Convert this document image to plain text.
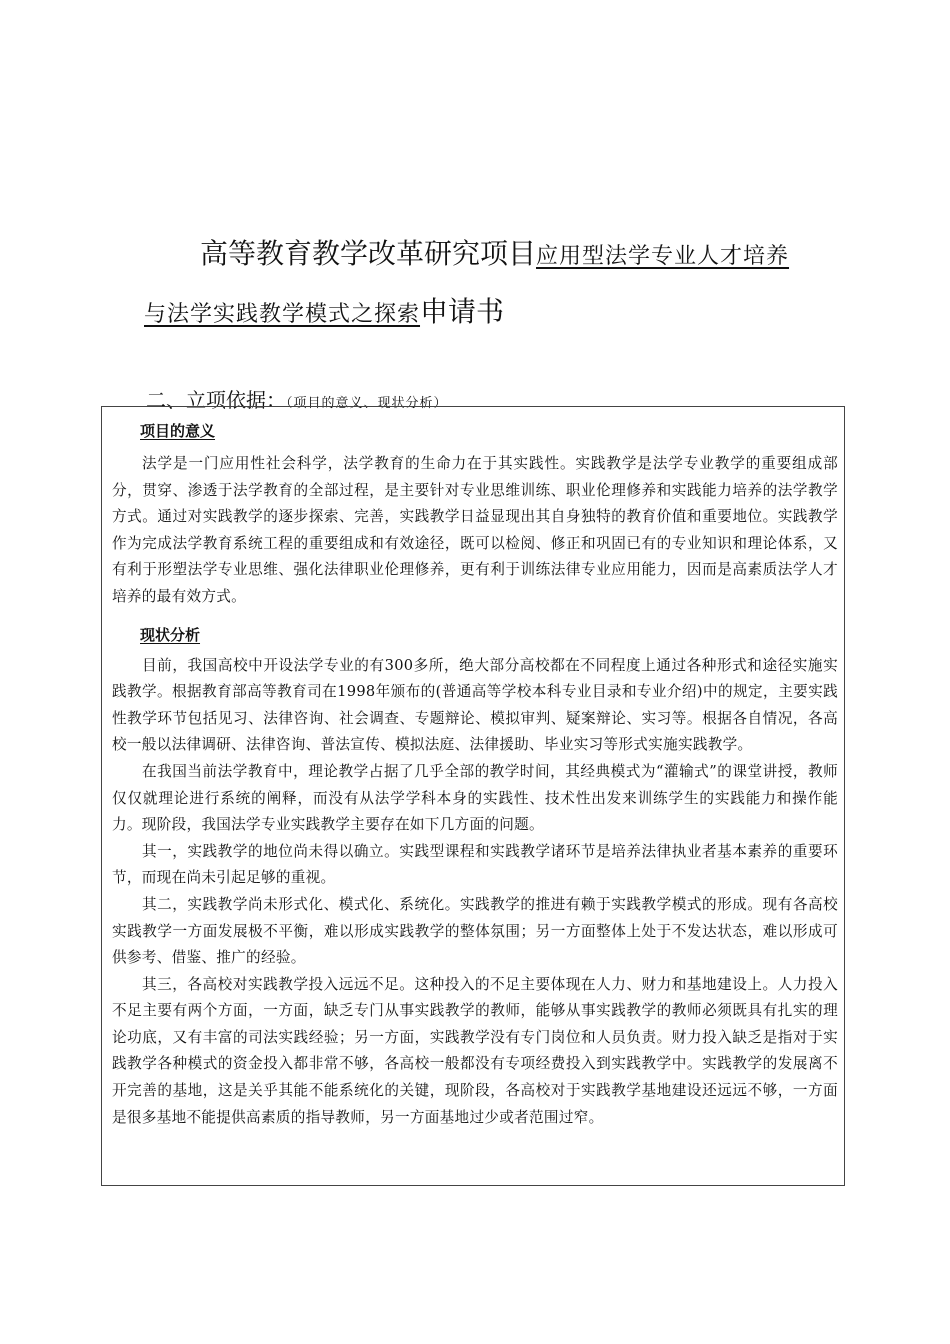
高等教育教学改革研究项目应用型法学专业人才培养
与法学实践教学模式之探索申请书
二、立项依据：（项目的意义、现状分析）
项目的意义

法学是一门应用性社会科学，法学教育的生命力在于其实践性。实践教学是法学专业教学的重要组成部分，贯穿、渗透于法学教育的全部过程，是主要针对专业思维训练、职业伦理修养和实践能力培养的法学教学方式。通过对实践教学的逐步探索、完善，实践教学日益显现出其自身独特的教育价值和重要地位。实践教学作为完成法学教育系统工程的重要组成和有效途径，既可以检阅、修正和巩固已有的专业知识和理论体系，又有利于形塑法学专业思维、强化法律职业伦理修养，更有利于训练法律专业应用能力，因而是高素质法学人才培养的最有效方式。

现状分析

目前，我国高校中开设法学专业的有300多所，绝大部分高校都在不同程度上通过各种形式和途径实施实践教学。根据教育部高等教育司在1998年颁布的(普通高等学校本科专业目录和专业介绍)中的规定，主要实践性教学环节包括见习、法律咨询、社会调查、专题辩论、模拟审判、疑案辩论、实习等。根据各自情况，各高校一般以法律调研、法律咨询、普法宣传、模拟法庭、法律援助、毕业实习等形式实施实践教学。

在我国当前法学教育中，理论教学占据了几乎全部的教学时间，其经典模式为“灌输式”的课堂讲授，教师仅仅就理论进行系统的阐释，而没有从法学学科本身的实践性、技术性出发来训练学生的实践能力和操作能力。现阶段，我国法学专业实践教学主要存在如下几方面的问题。

其一，实践教学的地位尚未得以确立。实践型课程和实践教学诸环节是培养法律执业者基本素养的重要环节，而现在尚未引起足够的重视。

其二，实践教学尚未形式化、模式化、系统化。实践教学的推进有赖于实践教学模式的形成。现有各高校实践教学一方面发展极不平衡，难以形成实践教学的整体氛围；另一方面整体上处于不发达状态，难以形成可供参考、借鉴、推广的经验。

其三，各高校对实践教学投入远远不足。这种投入的不足主要体现在人力、财力和基地建设上。人力投入不足主要有两个方面，一方面，缺乏专门从事实践教学的教师，能够从事实践教学的教师必须既具有扎实的理论功底，又有丰富的司法实践经验；另一方面，实践教学没有专门岗位和人员负责。财力投入缺乏是指对于实践教学各种模式的资金投入都非常不够，各高校一般都没有专项经费投入到实践教学中。实践教学的发展离不开完善的基地，这是关乎其能不能系统化的关键，现阶段，各高校对于实践教学基地建设还远远不够，一方面是很多基地不能提供高素质的指导教师，另一方面基地过少或者范围过窄。
